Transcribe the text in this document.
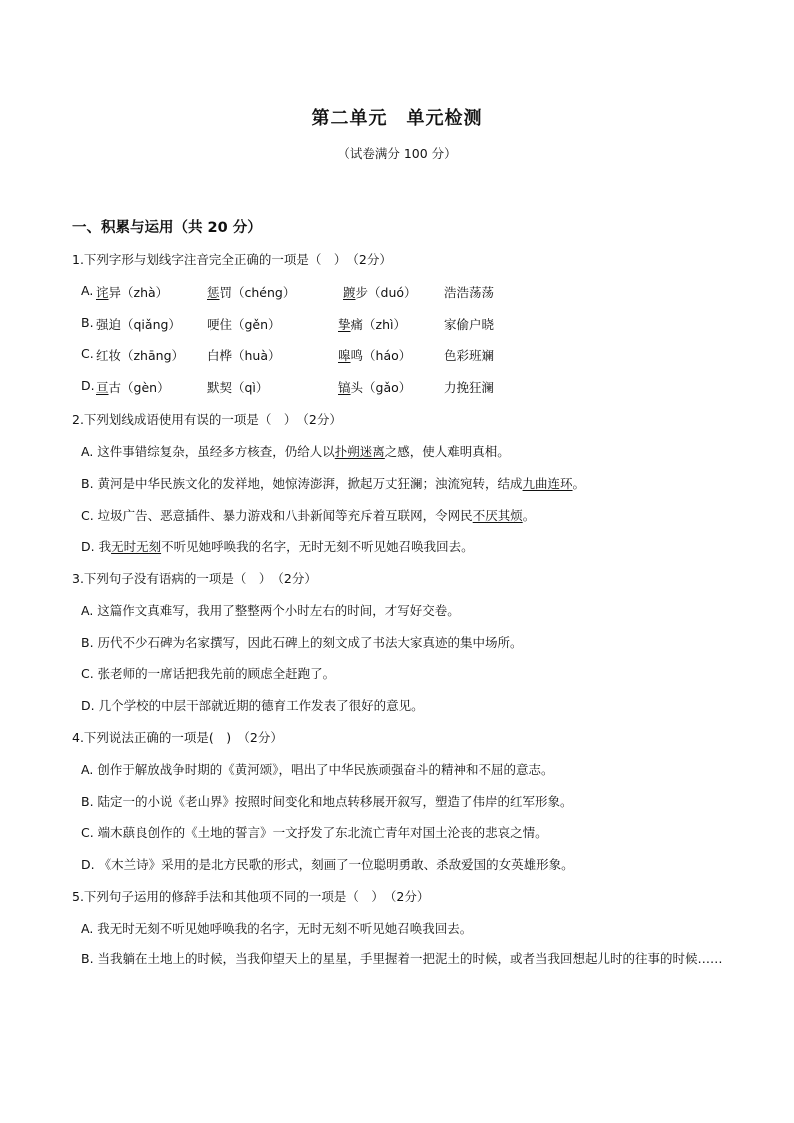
第二单元　单元检测
（试卷满分 100 分）
一、积累与运用（共 20 分）
1.下列字形与划线字注音完全正确的一项是（　）　（2分）
A. 诧异（zhà）	惩罚（chéng）	踱步（duó） 浩浩荡荡
B. 强迫（qiǎng） 哽住（gěn）	挚痛（zhì）	家偷户晓
C. 红妆（zhāng） 白桦（huà）	嗥鸣（háo）	色彩班斓
D. 亘古（gèn）	默契（qì）	镐头（gǎo）	力挽狂澜
2.下列划线成语使用有误的一项是（　）　（2分）
A. 这件事错综复杂，虽经多方核查，仍给人以扑朔迷离之感，使人难明真相。
B. 黄河是中华民族文化的发祥地，她惊涛澎湃，掀起万丈狂澜；浊流宛转，结成九曲连环。
C. 垃圾广告、恶意插件、暴力游戏和八卦新闻等充斥着互联网，令网民不厌其烦。
D. 我无时无刻不听见她呼唤我的名字，无时无刻不听见她召唤我回去。
3.下列句子没有语病的一项是（　）　（2分）
A. 这篇作文真难写，我用了整整两个小时左右的时间，才写好交卷。
B. 历代不少石碑为名家撰写，因此石碑上的刻文成了书法大家真迹的集中场所。
C. 张老师的一席话把我先前的顾虑全赶跑了。
D. 几个学校的中层干部就近期的德育工作发表了很好的意见。
4.下列说法正确的一项是(　)　（2分）
A. 创作于解放战争时期的《黄河颂》，唱出了中华民族顽强奋斗的精神和不屈的意志。
B. 陆定一的小说《老山界》按照时间变化和地点转移展开叙写，塑造了伟岸的红军形象。
C. 端木蕻良创作的《土地的誓言》一文抒发了东北流亡青年对国土沦丧的悲哀之情。
D. 《木兰诗》采用的是北方民歌的形式，刻画了一位聪明勇敢、杀敌爱国的女英雄形象。
5.下列句子运用的修辞手法和其他项不同的一项是（　）　（2分）
A. 我无时无刻不听见她呼唤我的名字，无时无刻不听见她召唤我回去。
B. 当我躺在土地上的时候，当我仰望天上的星星，手里握着一把泥土的时候，或者当我回想起儿时的往事的时候……
